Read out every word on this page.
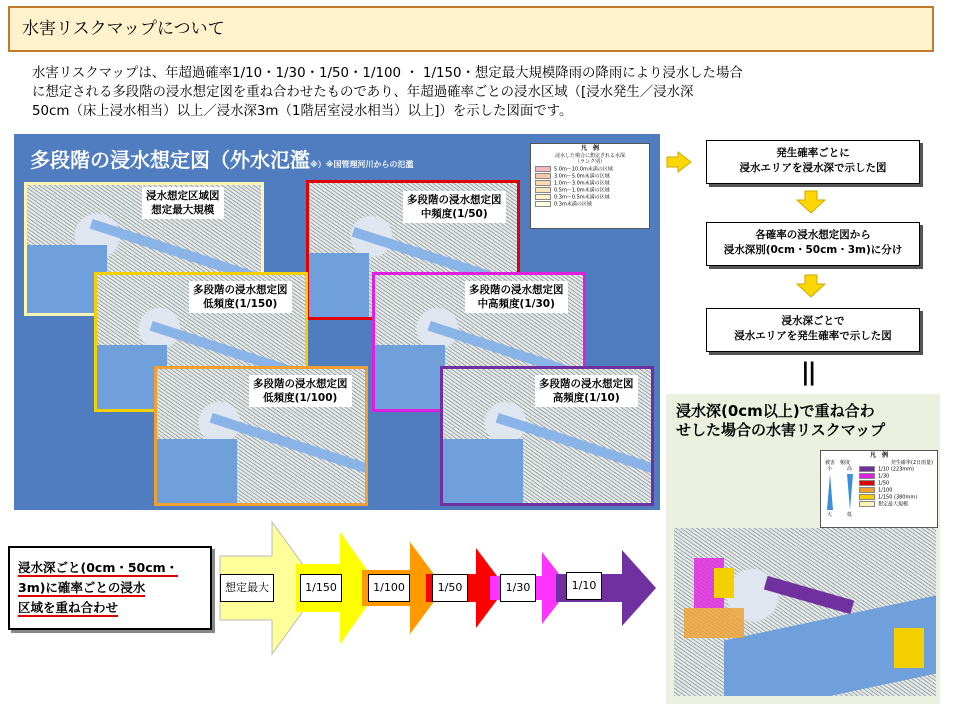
水害リスクマップについて
水害リスクマップは、年超過確率1/10・1/30・1/50・1/100 ・ 1/150・想定最大規模降雨の降雨により浸水した場合
に想定される多段階の浸水想定図を重ね合わせたものであり、年超過確率ごとの浸水区域（[浸水発生／浸水深
50cm（床上浸水相当）以上／浸水深3m（1階居室浸水相当）以上]）を示した図面です。
多段階の浸水想定図（外水氾濫※）※国管理河川からの氾濫
凡　例
浸水した場合に想定される水深
（ランク別）
5.0m～10.0m未満の区域
3.0m～5.0m未満の区域
1.0m～3.0m未満の区域
0.5m～1.0m未満の区域
0.3m～0.5m未満の区域
0.3m未満の区域
浸水想定区域図
想定最大規模
多段階の浸水想定図
中頻度(1/50)
多段階の浸水想定図
低頻度(1/150)
多段階の浸水想定図
中高頻度(1/30)
多段階の浸水想定図
低頻度(1/100)
多段階の浸水想定図
高頻度(1/10)
発生確率ごとに
浸水エリアを浸水深で示した図
各確率の浸水想定図から
浸水深別(0cm・50cm・3m)に分け
浸水深ごとで
浸水エリアを発生確率で示した図
||
浸水深(0cm以上)で重ね合わ
せした場合の水害リスクマップ
凡　例
被害　頻度	発生確率(2日雨量)
小	高
大	低
1/10 (223mm)
1/30
1/50
1/100
1/150 (380mm)
想定最大規模
浸水深ごと(0cm・50cm・
3m)に確率ごとの浸水
区域を重ね合わせ
想定最大	1/150	1/100	1/50	1/30	1/10
